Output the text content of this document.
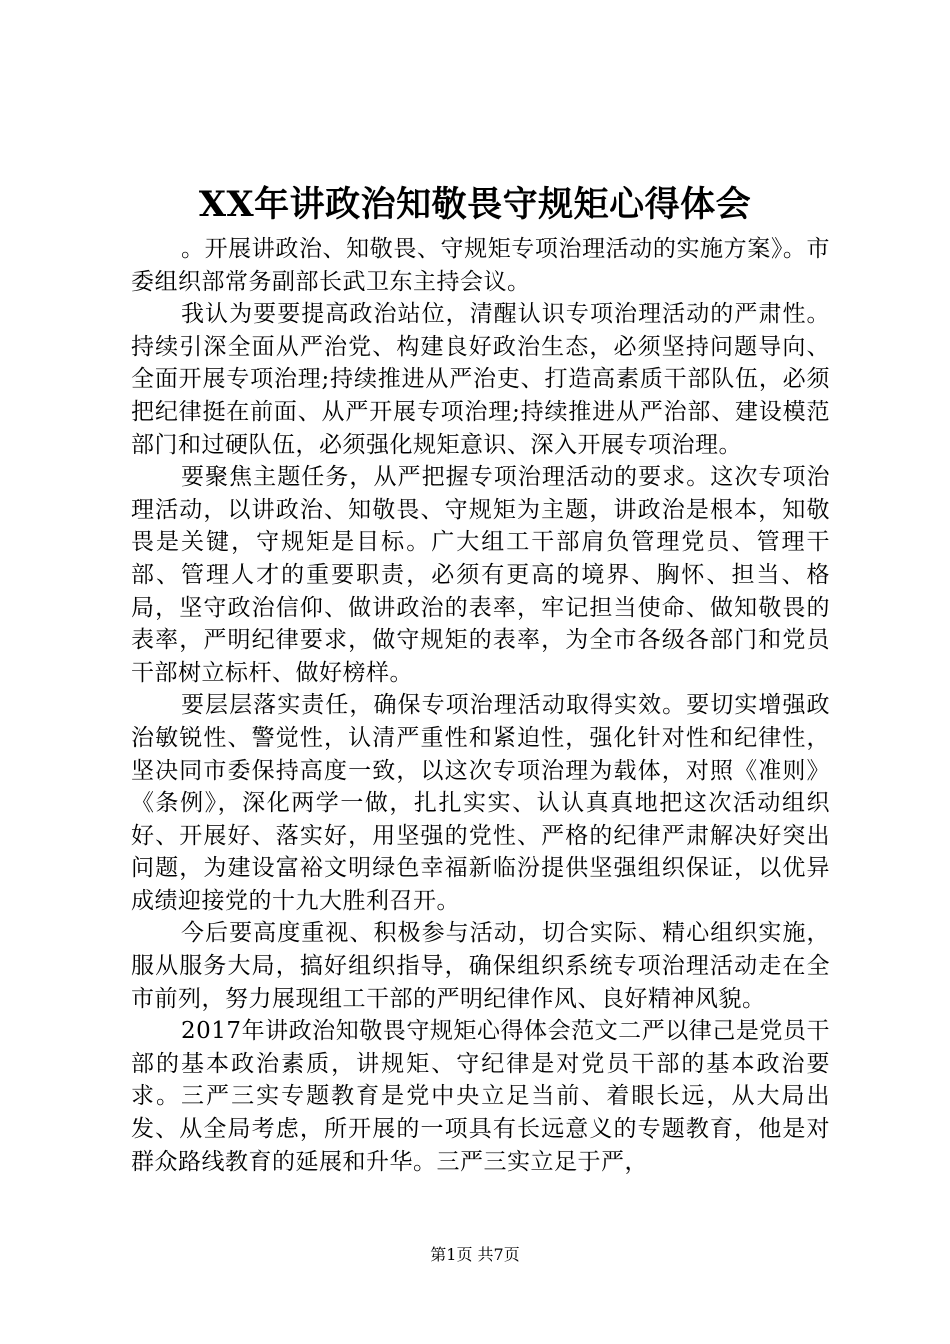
XX年讲政治知敬畏守规矩心得体会

。开展讲政治、知敬畏、守规矩专项治理活动的实施方案》。市委组织部常务副部长武卫东主持会议。

我认为要要提高政治站位，清醒认识专项治理活动的严肃性。持续引深全面从严治党、构建良好政治生态，必须坚持问题导向、全面开展专项治理;持续推进从严治吏、打造高素质干部队伍，必须把纪律挺在前面、从严开展专项治理;持续推进从严治部、建设模范部门和过硬队伍，必须强化规矩意识、深入开展专项治理。

要聚焦主题任务，从严把握专项治理活动的要求。这次专项治理活动，以讲政治、知敬畏、守规矩为主题，讲政治是根本，知敬畏是关键，守规矩是目标。广大组工干部肩负管理党员、管理干部、管理人才的重要职责，必须有更高的境界、胸怀、担当、格局，坚守政治信仰、做讲政治的表率，牢记担当使命、做知敬畏的表率，严明纪律要求，做守规矩的表率，为全市各级各部门和党员干部树立标杆、做好榜样。

要层层落实责任，确保专项治理活动取得实效。要切实增强政治敏锐性、警觉性，认清严重性和紧迫性，强化针对性和纪律性，坚决同市委保持高度一致，以这次专项治理为载体，对照《准则》《条例》，深化两学一做，扎扎实实、认认真真地把这次活动组织好、开展好、落实好，用坚强的党性、严格的纪律严肃解决好突出问题，为建设富裕文明绿色幸福新临汾提供坚强组织保证，以优异成绩迎接党的十九大胜利召开。

今后要高度重视、积极参与活动，切合实际、精心组织实施，服从服务大局，搞好组织指导，确保组织系统专项治理活动走在全市前列，努力展现组工干部的严明纪律作风、良好精神风貌。

2017年讲政治知敬畏守规矩心得体会范文二严以律己是党员干部的基本政治素质，讲规矩、守纪律是对党员干部的基本政治要求。三严三实专题教育是党中央立足当前、着眼长远，从大局出发、从全局考虑，所开展的一项具有长远意义的专题教育，他是对群众路线教育的延展和升华。三严三实立足于严，

第1页 共7页
